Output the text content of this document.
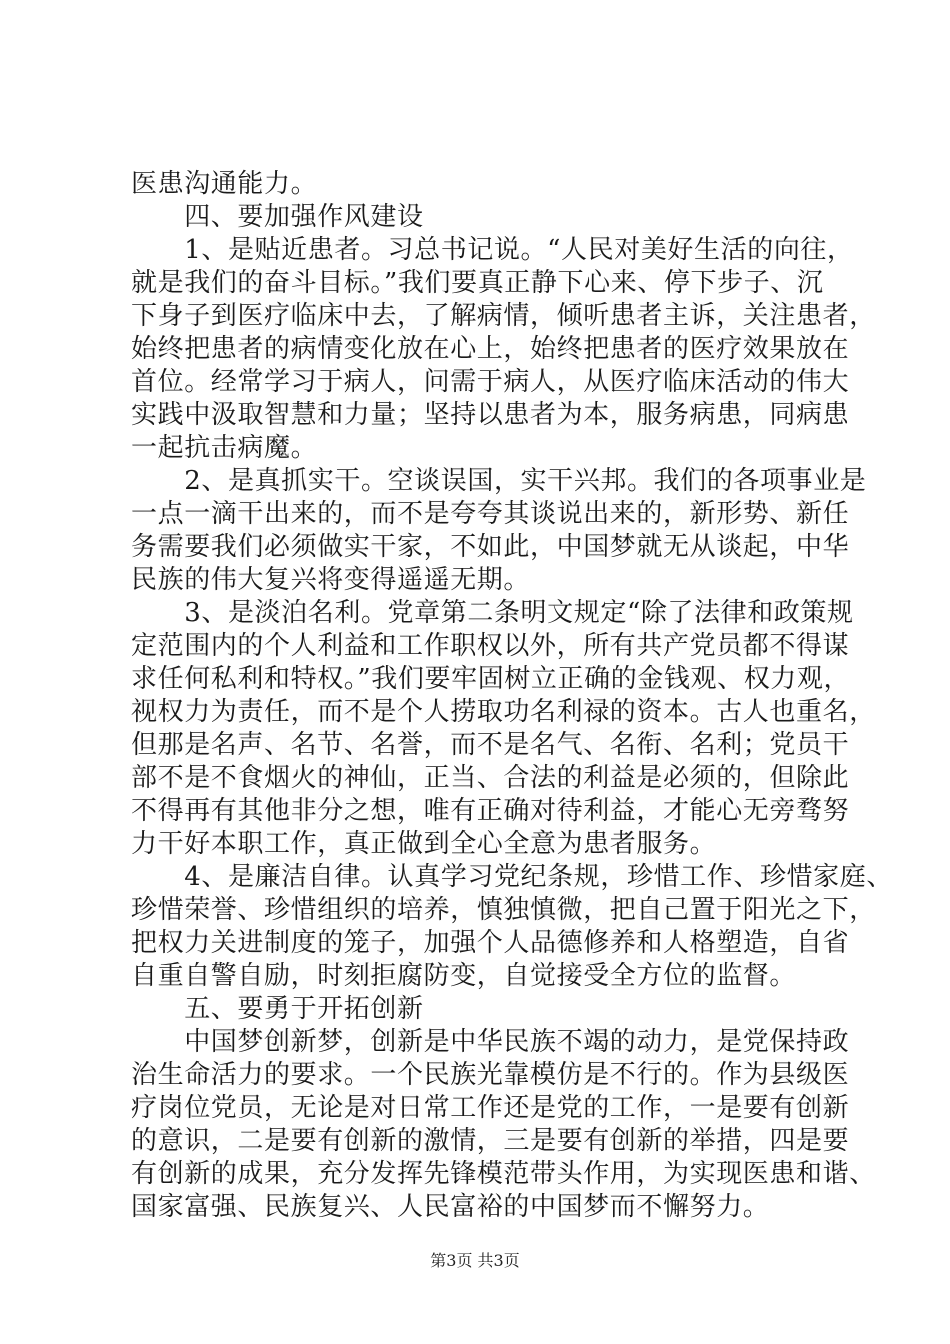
医患沟通能力。
　　四、要加强作风建设
　　1、是贴近患者。习总书记说。“人民对美好生活的向往，
就是我们的奋斗目标。”我们要真正静下心来、停下步子、沉
下身子到医疗临床中去，了解病情，倾听患者主诉，关注患者，
始终把患者的病情变化放在心上，始终把患者的医疗效果放在
首位。经常学习于病人，问需于病人，从医疗临床活动的伟大
实践中汲取智慧和力量；坚持以患者为本，服务病患，同病患
一起抗击病魔。
　　2、是真抓实干。空谈误国，实干兴邦。我们的各项事业是
一点一滴干出来的，而不是夸夸其谈说出来的，新形势、新任
务需要我们必须做实干家，不如此，中国梦就无从谈起，中华
民族的伟大复兴将变得遥遥无期。
　　3、是淡泊名利。党章第二条明文规定“除了法律和政策规
定范围内的个人利益和工作职权以外，所有共产党员都不得谋
求任何私利和特权。”我们要牢固树立正确的金钱观、权力观，
视权力为责任，而不是个人捞取功名利禄的资本。古人也重名，
但那是名声、名节、名誉，而不是名气、名衔、名利；党员干
部不是不食烟火的神仙，正当、合法的利益是必须的，但除此
不得再有其他非分之想，唯有正确对待利益，才能心无旁骛努
力干好本职工作，真正做到全心全意为患者服务。
　　4、是廉洁自律。认真学习党纪条规，珍惜工作、珍惜家庭、
珍惜荣誉、珍惜组织的培养，慎独慎微，把自己置于阳光之下，
把权力关进制度的笼子，加强个人品德修养和人格塑造，自省
自重自警自励，时刻拒腐防变，自觉接受全方位的监督。
　　五、要勇于开拓创新
　　中国梦创新梦，创新是中华民族不竭的动力，是党保持政
治生命活力的要求。一个民族光靠模仿是不行的。作为县级医
疗岗位党员，无论是对日常工作还是党的工作，一是要有创新
的意识，二是要有创新的激情，三是要有创新的举措，四是要
有创新的成果，充分发挥先锋模范带头作用，为实现医患和谐、
国家富强、民族复兴、人民富裕的中国梦而不懈努力。
第3页 共3页
